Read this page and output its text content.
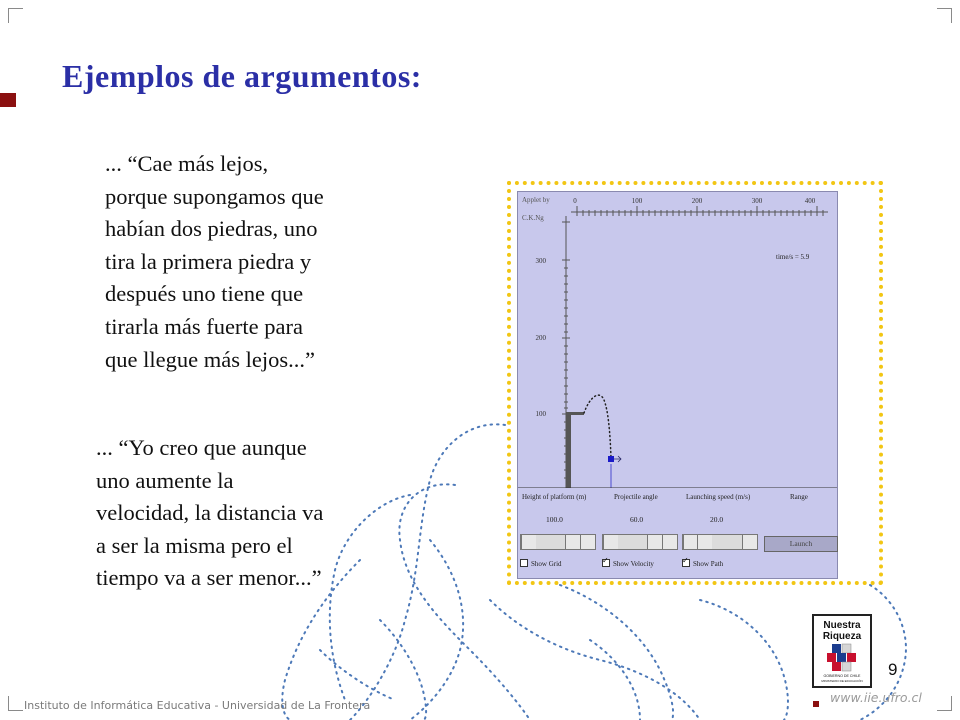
Ejemplos de argumentos:
... “Cae más lejos,
porque supongamos que
habían dos piedras, uno
tira la primera piedra y
después uno tiene que
tirarla más fuerte para
que llegue más lejos...”
... “Yo creo que aunque
uno aumente la
velocidad, la distancia va
a ser la misma pero el
tiempo va a ser menor...”
Applet by
C.K.Ng
0	100	200	300	400
300
200
100
time/s = 5.9
Height of platform (m)	Projectile angle	Launching speed (m/s)	Range
100.0	60.0	20.0
Launch
Show Grid ✓	Show Velocity ✓	Show Path
Nuestra
Riqueza
GOBIERNO DE CHILE
MINISTERIO DE EDUCACIÓN
9
Instituto de Informática Educativa - Universidad de La Frontera
www.iie.ufro.cl
